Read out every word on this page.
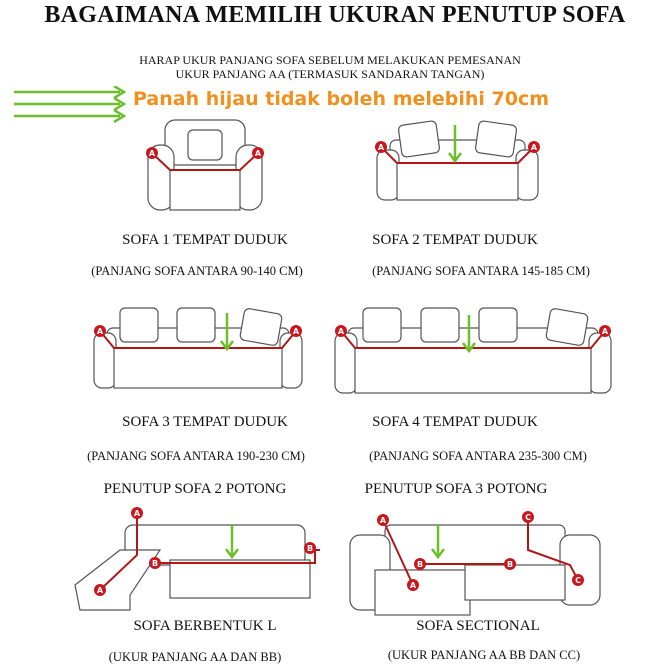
BAGAIMANA MEMILIH UKURAN PENUTUP SOFA
HARAP UKUR PANJANG SOFA SEBELUM MELAKUKAN PEMESANAN
UKUR PANJANG AA (TERMASUK SANDARAN TANGAN)
Panah hijau tidak boleh melebihi 70cm
A	A
A	A
SOFA 1 TEMPAT DUDUK	SOFA 2 TEMPAT DUDUK
(PANJANG SOFA ANTARA 90-140 CM)	(PANJANG SOFA ANTARA 145-185 CM)
A	A	A	A
SOFA 3 TEMPAT DUDUK	SOFA 4 TEMPAT DUDUK
(PANJANG SOFA ANTARA 190-230 CM)	(PANJANG SOFA ANTARA 235-300 CM)
PENUTUP SOFA 2 POTONG	PENUTUP SOFA 3 POTONG
A
A
B
B
A
A
B	B
C
C
SOFA BERBENTUK L	SOFA SECTIONAL
(UKUR PANJANG AA DAN BB)	(UKUR PANJANG AA BB DAN CC)
